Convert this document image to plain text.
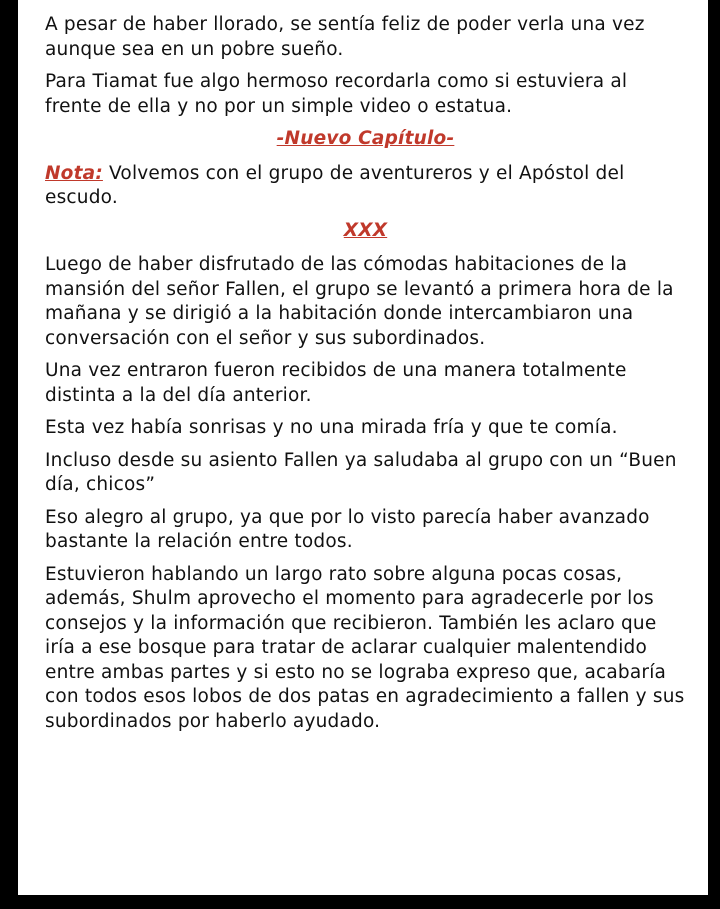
A pesar de haber llorado, se sentía feliz de poder verla una vez aunque sea en un pobre sueño.

Para Tiamat fue algo hermoso recordarla como si estuviera al frente de ella y no por un simple video o estatua.

-Nuevo Capítulo-

Nota: Volvemos con el grupo de aventureros y el Apóstol del escudo.

XXX

Luego de haber disfrutado de las cómodas habitaciones de la mansión del señor Fallen, el grupo se levantó a primera hora de la mañana y se dirigió a la habitación donde intercambiaron una conversación con el señor y sus subordinados.

Una vez entraron fueron recibidos de una manera totalmente distinta a la del día anterior.

Esta vez había sonrisas y no una mirada fría y que te comía.

Incluso desde su asiento Fallen ya saludaba al grupo con un “Buen día, chicos”

Eso alegro al grupo, ya que por lo visto parecía haber avanzado bastante la relación entre todos.

Estuvieron hablando un largo rato sobre alguna pocas cosas, además, Shulm aprovecho el momento para agradecerle por los consejos y la información que recibieron. También les aclaro que iría a ese bosque para tratar de aclarar cualquier malentendido entre ambas partes y si esto no se lograba expreso que, acabaría con todos esos lobos de dos patas en agradecimiento a fallen y sus subordinados por haberlo ayudado.
